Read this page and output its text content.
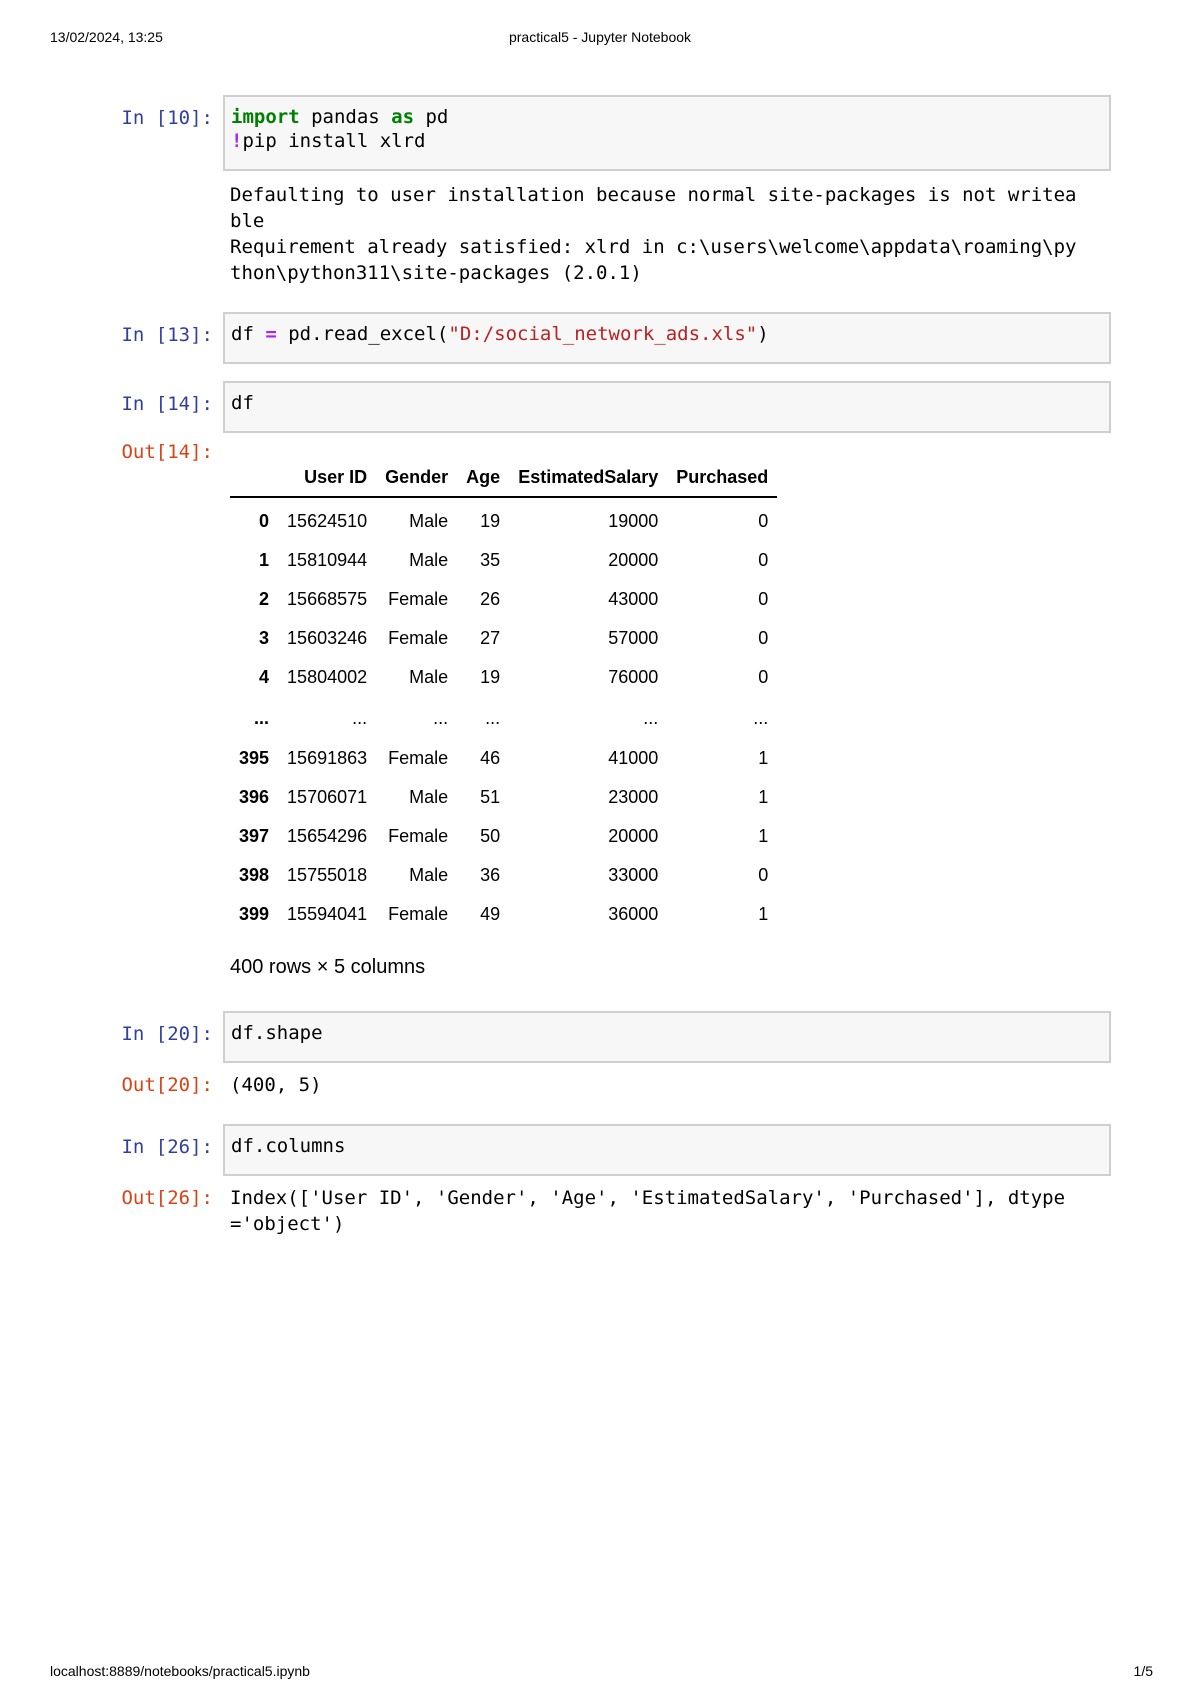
13/02/2024, 13:25	practical5 - Jupyter Notebook
In [10]: import pandas as pd
!pip install xlrd
Defaulting to user installation because normal site-packages is not writea
ble
Requirement already satisfied: xlrd in c:\users\welcome\appdata\roaming\py
thon\python311\site-packages (2.0.1)
In [13]: df = pd.read_excel("D:/social_network_ads.xls")
In [14]: df
Out[14]:
	User ID	Gender	Age	EstimatedSalary	Purchased
0	15624510	Male	19	19000	0
1	15810944	Male	35	20000	0
2	15668575	Female	26	43000	0
3	15603246	Female	27	57000	0
4	15804002	Male	19	76000	0
...	...	...	...	...	...
395	15691863	Female	46	41000	1
396	15706071	Male	51	23000	1
397	15654296	Female	50	20000	1
398	15755018	Male	36	33000	0
399	15594041	Female	49	36000	1
400 rows × 5 columns
In [20]: df.shape
Out[20]: (400, 5)
In [26]: df.columns
Out[26]: Index(['User ID', 'Gender', 'Age', 'EstimatedSalary', 'Purchased'], dtype
='object')
localhost:8889/notebooks/practical5.ipynb	1/5
